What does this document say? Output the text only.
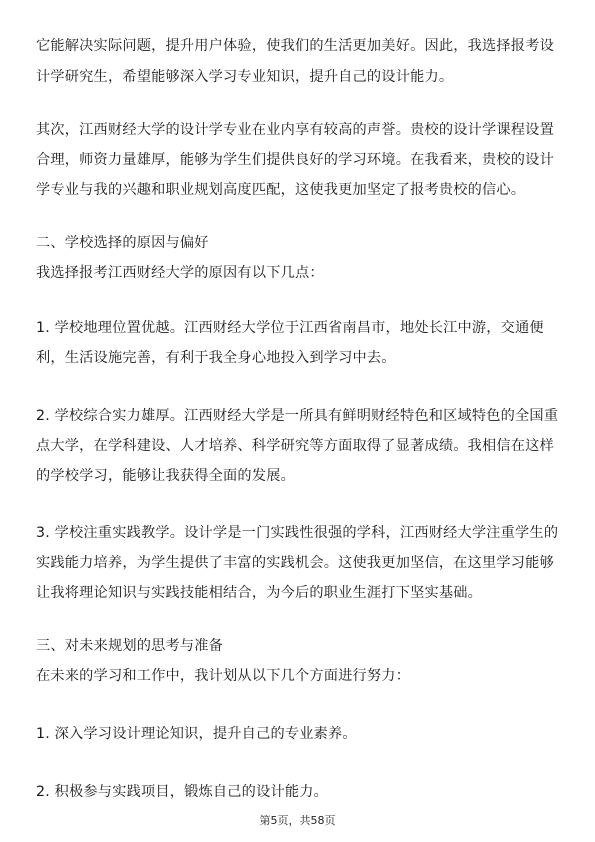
它能解决实际问题，提升用户体验，使我们的生活更加美好。因此，我选择报考设
计学研究生，希望能够深入学习专业知识，提升自己的设计能力。
其次，江西财经大学的设计学专业在业内享有较高的声誉。贵校的设计学课程设置
合理，师资力量雄厚，能够为学生们提供良好的学习环境。在我看来，贵校的设计
学专业与我的兴趣和职业规划高度匹配，这使我更加坚定了报考贵校的信心。
二、学校选择的原因与偏好
我选择报考江西财经大学的原因有以下几点：
1. 学校地理位置优越。江西财经大学位于江西省南昌市，地处长江中游，交通便
利，生活设施完善，有利于我全身心地投入到学习中去。
2. 学校综合实力雄厚。江西财经大学是一所具有鲜明财经特色和区域特色的全国重
点大学，在学科建设、人才培养、科学研究等方面取得了显著成绩。我相信在这样
的学校学习，能够让我获得全面的发展。
3. 学校注重实践教学。设计学是一门实践性很强的学科，江西财经大学注重学生的
实践能力培养，为学生提供了丰富的实践机会。这使我更加坚信，在这里学习能够
让我将理论知识与实践技能相结合，为今后的职业生涯打下坚实基础。
三、对未来规划的思考与准备
在未来的学习和工作中，我计划从以下几个方面进行努力：
1. 深入学习设计理论知识，提升自己的专业素养。
2. 积极参与实践项目，锻炼自己的设计能力。
第5页，共58页
